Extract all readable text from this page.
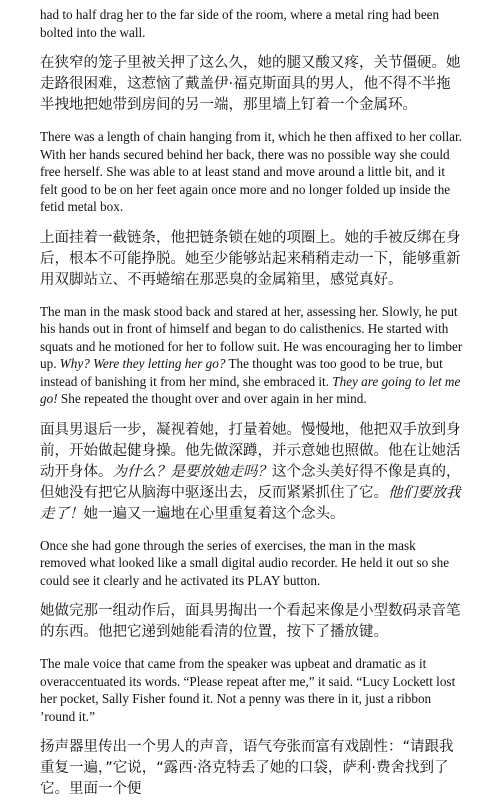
had to half drag her to the far side of the room, where a metal ring had been bolted into the wall.

在狭窄的笼子里被关押了这么久，她的腿又酸又疼，关节僵硬。她走路很困难，这惹恼了戴盖伊·福克斯面具的男人，他不得不半拖半拽地把她带到房间的另一端，那里墙上钉着一个金属环。

There was a length of chain hanging from it, which he then affixed to her collar. With her hands secured behind her back, there was no possible way she could free herself. She was able to at least stand and move around a little bit, and it felt good to be on her feet again once more and no longer folded up inside the fetid metal box.

上面挂着一截链条，他把链条锁在她的项圈上。她的手被反绑在身后，根本不可能挣脱。她至少能够站起来稍稍走动一下，能够重新用双脚站立、不再蜷缩在那恶臭的金属箱里，感觉真好。

The man in the mask stood back and stared at her, assessing her. Slowly, he put his hands out in front of himself and began to do calisthenics. He started with squats and he motioned for her to follow suit. He was encouraging her to limber up. Why? Were they letting her go? The thought was too good to be true, but instead of banishing it from her mind, she embraced it. They are going to let me go! She repeated the thought over and over again in her mind.

面具男退后一步，凝视着她，打量着她。慢慢地，他把双手放到身前，开始做起健身操。他先做深蹲，并示意她也照做。他在让她活动开身体。为什么？是要放她走吗？这个念头美好得不像是真的，但她没有把它从脑海中驱逐出去，反而紧紧抓住了它。他们要放我走了！她一遍又一遍地在心里重复着这个念头。

Once she had gone through the series of exercises, the man in the mask removed what looked like a small digital audio recorder. He held it out so she could see it clearly and he activated its PLAY button.

她做完那一组动作后，面具男掏出一个看起来像是小型数码录音笔的东西。他把它递到她能看清的位置，按下了播放键。

The male voice that came from the speaker was upbeat and dramatic as it overaccentuated its words. “Please repeat after me,” it said. “Lucy Lockett lost her pocket, Sally Fisher found it. Not a penny was there in it, just a ribbon ’round it.”

扬声器里传出一个男人的声音，语气夸张而富有戏剧性：“请跟我重复一遍，”它说，“露西·洛克特丢了她的口袋，萨利·费舍找到了它。里面一个便
